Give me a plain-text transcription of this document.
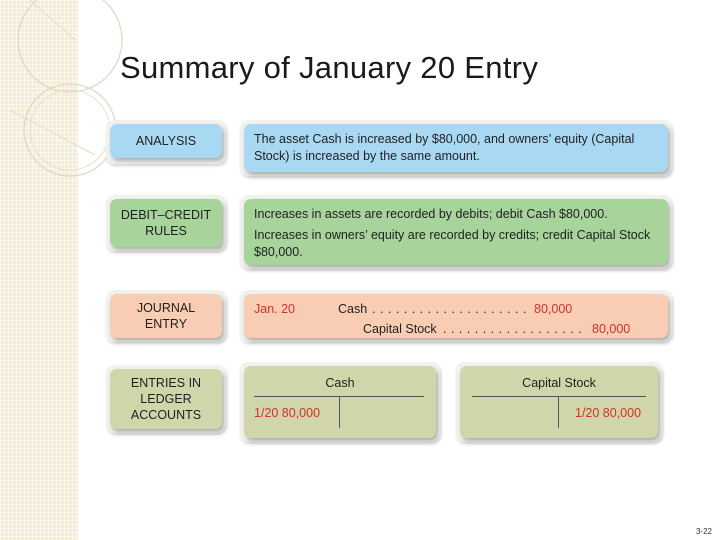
Summary of January 20 Entry
ANALYSIS	The asset Cash is increased by $80,000, and owners’ equity (Capital Stock) is increased by the same amount.
DEBIT–CREDIT
RULES
Increases in assets are recorded by debits; debit Cash $80,000.
Increases in owners’ equity are recorded by credits; credit Capital Stock $80,000.
JOURNAL
ENTRY
Jan. 20	Cash . . . . . . . . . . . . . . . . . . . . 80,000
Capital Stock . . . . . . . . . . . . . . . . . . 80,000
ENTRIES IN
LEDGER
ACCOUNTS
Cash
1/20 80,000
Capital Stock
1/20 80,000
3-22
